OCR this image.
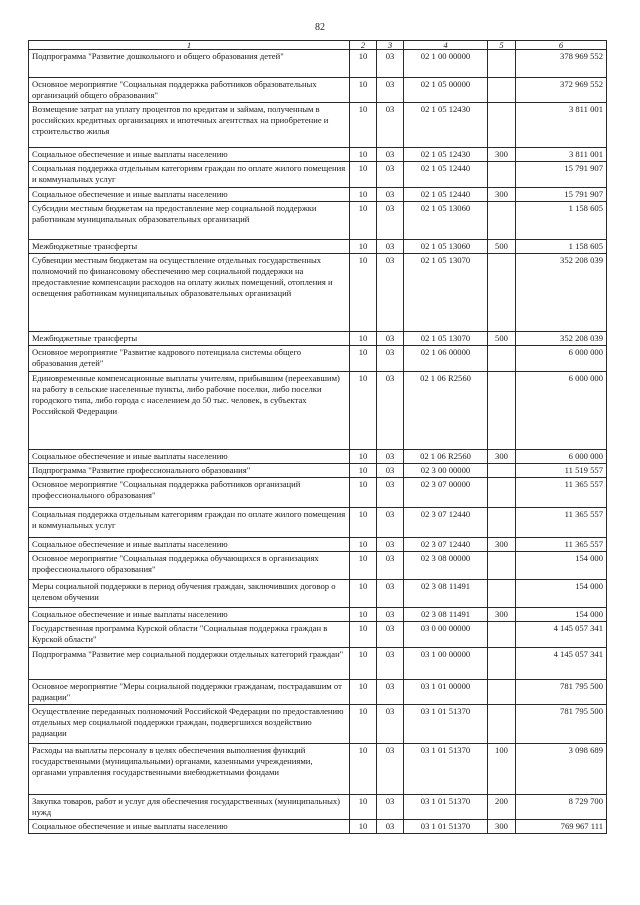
82
1	2	3	4	5	6
Подпрограмма "Развитие дошкольного и общего образования детей"	10	03	02 1 00 00000		378 969 552
Основное мероприятие "Социальная поддержка работников образовательных организаций общего образования"	10	03	02 1 05 00000		372 969 552
Возмещение затрат на уплату процентов по кредитам и займам, полученным в российских кредитных организациях и ипотечных агентствах на приобретение и строительство жилья	10	03	02 1 05 12430		3 811 001
Социальное обеспечение и иные выплаты населению	10	03	02 1 05 12430	300	3 811 001
Социальная поддержка отдельным категориям граждан по оплате жилого помещения и коммунальных услуг	10	03	02 1 05 12440		15 791 907
Социальное обеспечение и иные выплаты населению	10	03	02 1 05 12440	300	15 791 907
Субсидии местным бюджетам на предоставление мер социальной поддержки работникам муниципальных образовательных организаций	10	03	02 1 05 13060		1 158 605
Межбюджетные трансферты	10	03	02 1 05 13060	500	1 158 605
Субвенции местным бюджетам на осуществление отдельных государственных полномочий по финансовому обеспечению мер социальной поддержки на предоставление компенсации расходов на оплату жилых помещений, отопления и освещения работникам муниципальных образовательных организаций	10	03	02 1 05 13070		352 208 039
Межбюджетные трансферты	10	03	02 1 05 13070	500	352 208 039
Основное мероприятие "Развитие кадрового потенциала системы общего образования детей"	10	03	02 1 06 00000		6 000 000
Единовременные компенсационные выплаты учителям, прибывшим (переехавшим) на работу в сельские населенные пункты, либо рабочие поселки, либо поселки городского типа, либо города с населением до 50 тыс. человек, в субъектах Российской Федерации	10	03	02 1 06 R2560		6 000 000
Социальное обеспечение и иные выплаты населению	10	03	02 1 06 R2560	300	6 000 000
Подпрограмма "Развитие профессионального образования"	10	03	02 3 00 00000		11 519 557
Основное мероприятие "Социальная поддержка работников организаций профессионального образования"	10	03	02 3 07 00000		11 365 557
Социальная поддержка отдельным категориям граждан по оплате жилого помещения и коммунальных услуг	10	03	02 3 07 12440		11 365 557
Социальное обеспечение и иные выплаты населению	10	03	02 3 07 12440	300	11 365 557
Основное мероприятие "Социальная поддержка обучающихся в организациях профессионального образования"	10	03	02 3 08 00000		154 000
Меры социальной поддержки в период обучения граждан, заключивших договор о целевом обучении	10	03	02 3 08 11491		154 000
Социальное обеспечение и иные выплаты населению	10	03	02 3 08 11491	300	154 000
Государственная программа Курской области "Социальная поддержка граждан в Курской области"	10	03	03 0 00 00000		4 145 057 341
Подпрограмма "Развитие мер социальной поддержки отдельных категорий граждан"	10	03	03 1 00 00000		4 145 057 341
Основное мероприятие "Меры социальной поддержки гражданам, пострадавшим от радиации"	10	03	03 1 01 00000		781 795 500
Осуществление переданных полномочий Российской Федерации по предоставлению отдельных мер социальной поддержки граждан, подвергшихся воздействию радиации	10	03	03 1 01 51370		781 795 500
Расходы на выплаты персоналу в целях обеспечения выполнения функций государственными (муниципальными) органами, казенными учреждениями, органами управления государственными внебюджетными фондами	10	03	03 1 01 51370	100	3 098 689
Закупка товаров, работ и услуг для обеспечения государственных (муниципальных) нужд	10	03	03 1 01 51370	200	8 729 700
Социальное обеспечение и иные выплаты населению	10	03	03 1 01 51370	300	769 967 111
